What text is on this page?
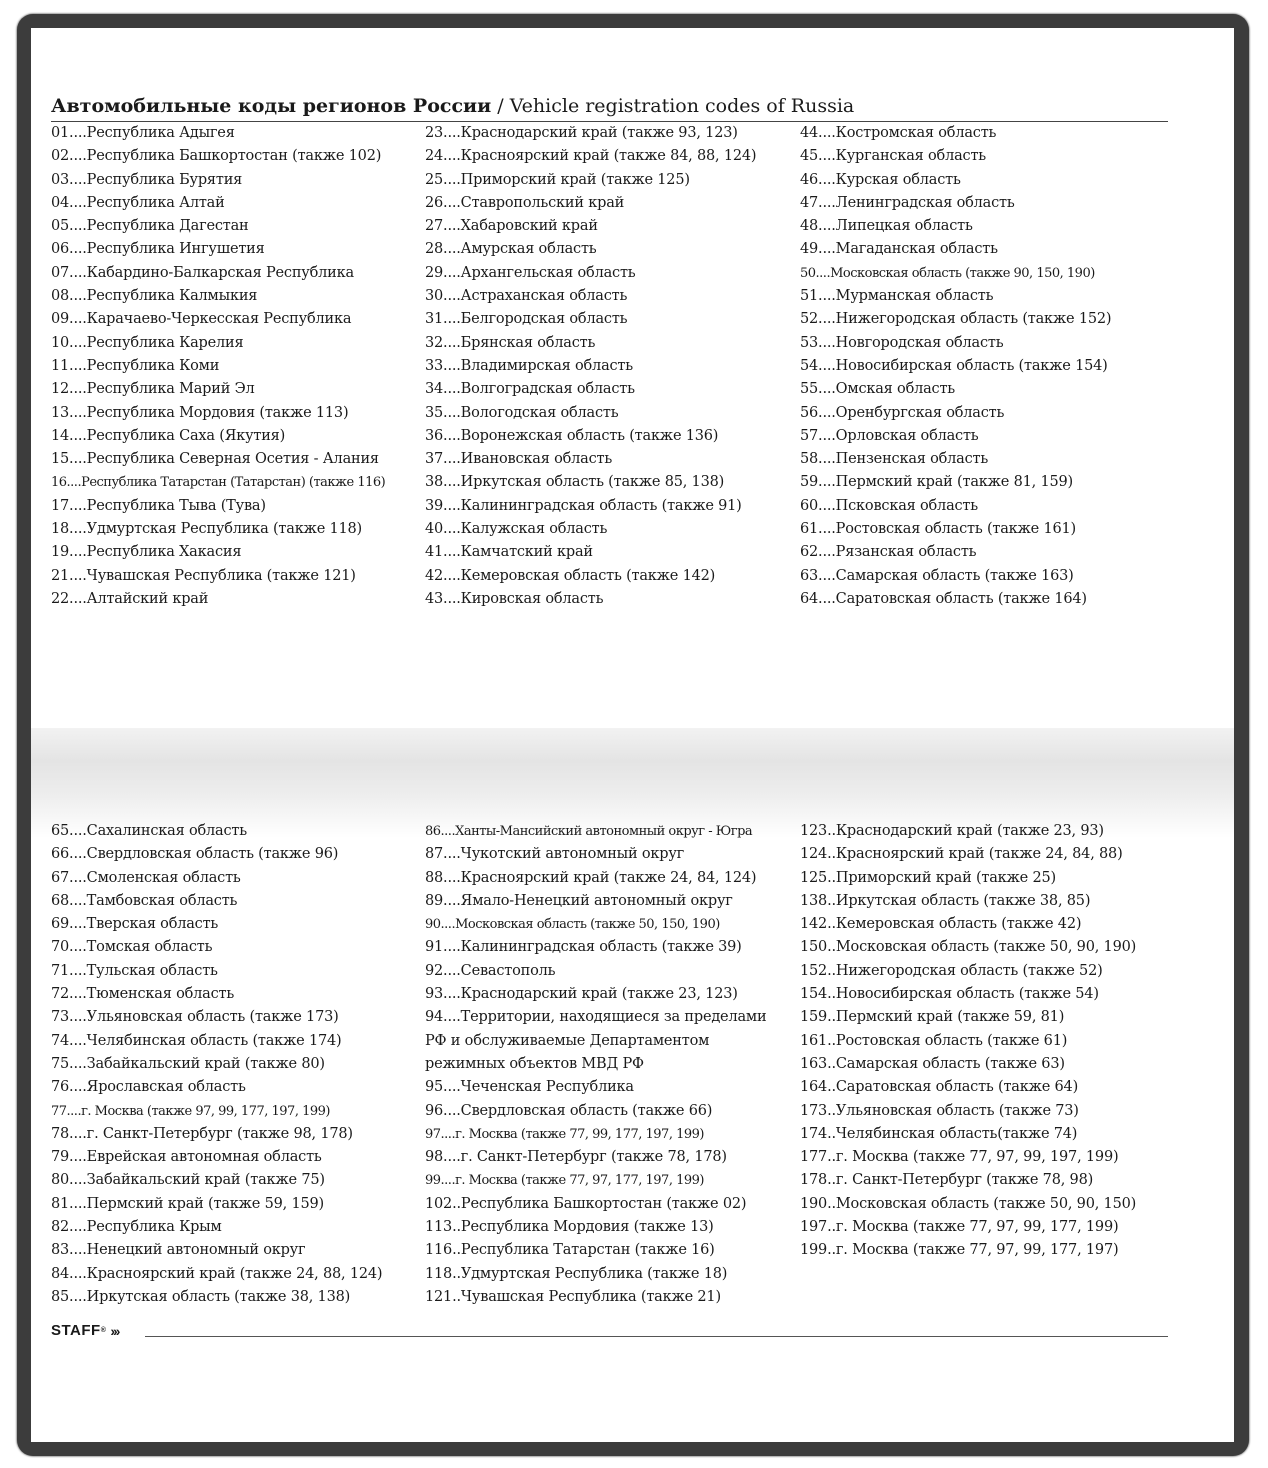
Автомобильные коды регионов России / Vehicle registration codes of Russia
01....Республика Адыгея
02....Республика Башкортостан (также 102)
03....Республика Бурятия
04....Республика Алтай
05....Республика Дагестан
06....Республика Ингушетия
07....Кабардино-Балкарская Республика
08....Республика Калмыкия
09....Карачаево-Черкесская Республика
10....Республика Карелия
11....Республика Коми
12....Республика Марий Эл
13....Республика Мордовия (также 113)
14....Республика Саха (Якутия)
15....Республика Северная Осетия - Алания
16....Республика Татарстан (Татарстан) (также 116)
17....Республика Тыва (Тува)
18....Удмуртская Республика (также 118)
19....Республика Хакасия
21....Чувашская Республика (также 121)
22....Алтайский край
23....Краснодарский край (также 93, 123)
24....Красноярский край (также 84, 88, 124)
25....Приморский край (также 125)
26....Ставропольский край
27....Хабаровский край
28....Амурская область
29....Архангельская область
30....Астраханская область
31....Белгородская область
32....Брянская область
33....Владимирская область
34....Волгоградская область
35....Вологодская область
36....Воронежская область (также 136)
37....Ивановская область
38....Иркутская область (также 85, 138)
39....Калининградская область (также 91)
40....Калужская область
41....Камчатский край
42....Кемеровская область (также 142)
43....Кировская область
44....Костромская область
45....Курганская область
46....Курская область
47....Ленинградская область
48....Липецкая область
49....Магаданская область
50....Московская область (также 90, 150, 190)
51....Мурманская область
52....Нижегородская область (также 152)
53....Новгородская область
54....Новосибирская область (также 154)
55....Омская область
56....Оренбургская область
57....Орловская область
58....Пензенская область
59....Пермский край (также 81, 159)
60....Псковская область
61....Ростовская область (также 161)
62....Рязанская область
63....Самарская область (также 163)
64....Саратовская область (также 164)
65....Сахалинская область
66....Свердловская область (также 96)
67....Смоленская область
68....Тамбовская область
69....Тверская область
70....Томская область
71....Тульская область
72....Тюменская область
73....Ульяновская область (также 173)
74....Челябинская область (также 174)
75....Забайкальский край (также 80)
76....Ярославская область
77....г. Москва (также 97, 99, 177, 197, 199)
78....г. Санкт-Петербург (также 98, 178)
79....Еврейская автономная область
80....Забайкальский край (также 75)
81....Пермский край (также 59, 159)
82....Республика Крым
83....Ненецкий автономный округ
84....Красноярский край (также 24, 88, 124)
85....Иркутская область (также 38, 138)
86....Ханты-Мансийский автономный округ - Югра
87....Чукотский автономный округ
88....Красноярский край (также 24, 84, 124)
89....Ямало-Ненецкий автономный округ
90....Московская область (также 50, 150, 190)
91....Калининградская область (также 39)
92....Севастополь
93....Краснодарский край (также 23, 123)
94....Территории, находящиеся за пределами
РФ и обслуживаемые Департаментом
режимных объектов МВД РФ
95....Чеченская Республика
96....Свердловская область (также 66)
97....г. Москва (также 77, 99, 177, 197, 199)
98....г. Санкт-Петербург (также 78, 178)
99....г. Москва (также 77, 97, 177, 197, 199)
102..Республика Башкортостан (также 02)
113..Республика Мордовия (также 13)
116..Республика Татарстан (также 16)
118..Удмуртская Республика (также 18)
121..Чувашская Республика (также 21)
123..Краснодарский край (также 23, 93)
124..Красноярский край (также 24, 84, 88)
125..Приморский край (также 25)
138..Иркутская область (также 38, 85)
142..Кемеровская область (также 42)
150..Московская область (также 50, 90, 190)
152..Нижегородская область (также 52)
154..Новосибирская область (также 54)
159..Пермский край (также 59, 81)
161..Ростовская область (также 61)
163..Самарская область (также 63)
164..Саратовская область (также 64)
173..Ульяновская область (также 73)
174..Челябинская область(также 74)
177..г. Москва (также 77, 97, 99, 197, 199)
178..г. Санкт-Петербург (также 78, 98)
190..Московская область (также 50, 90, 150)
197..г. Москва (также 77, 97, 99, 177, 199)
199..г. Москва (также 77, 97, 99, 177, 197)
STAFF ® ›››
